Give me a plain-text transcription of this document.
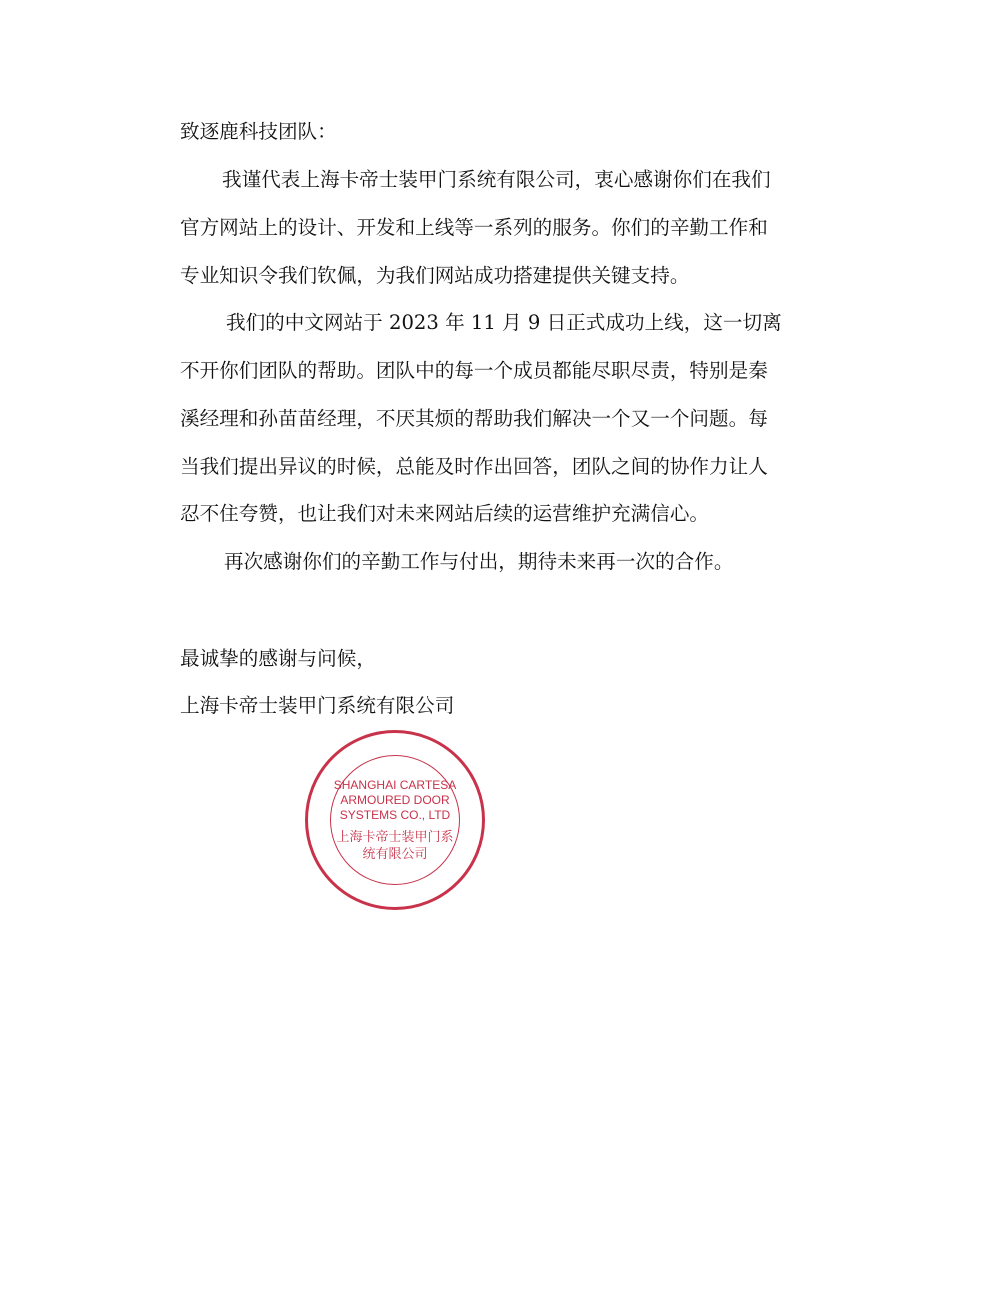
致逐鹿科技团队：
我谨代表上海卡帝士装甲门系统有限公司，衷心感谢你们在我们
官方网站上的设计、开发和上线等一系列的服务。你们的辛勤工作和
专业知识令我们钦佩，为我们网站成功搭建提供关键支持。
我们的中文网站于 2023 年 11 月 9 日正式成功上线，这一切离
不开你们团队的帮助。团队中的每一个成员都能尽职尽责，特别是秦
溪经理和孙苗苗经理，不厌其烦的帮助我们解决一个又一个问题。每
当我们提出异议的时候，总能及时作出回答，团队之间的协作力让人
忍不住夸赞，也让我们对未来网站后续的运营维护充满信心。
再次感谢你们的辛勤工作与付出，期待未来再一次的合作。
最诚挚的感谢与问候，
上海卡帝士装甲门系统有限公司
SHANGHAI CARTESA ARMOURED DOOR SYSTEMS CO., LTD
上海卡帝士装甲门系统有限公司
